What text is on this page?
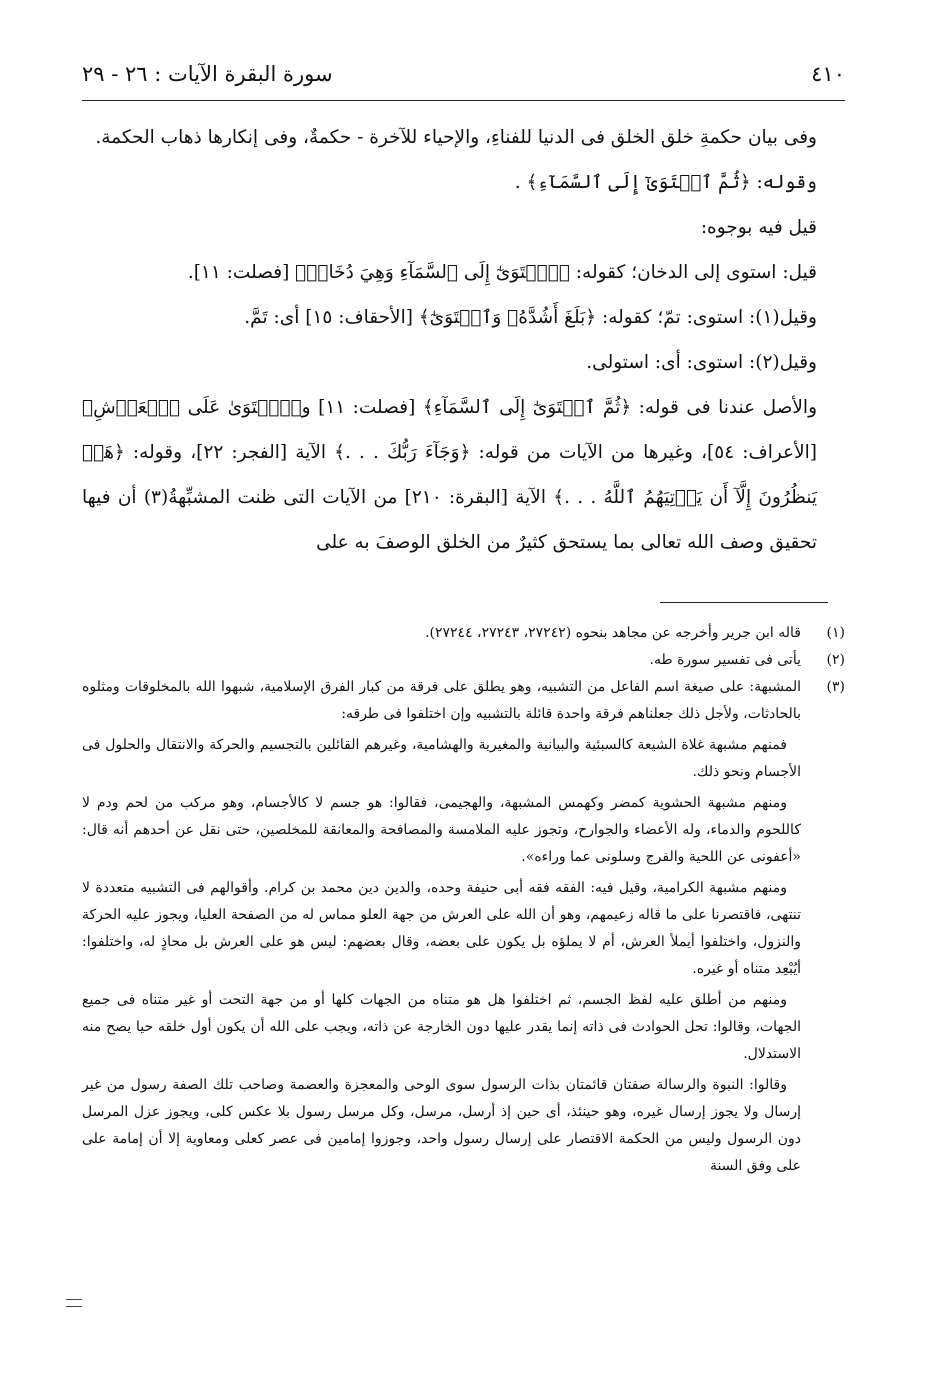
سورة البقرة الآيات : ٢٦ - ٢٩	٤١٠

وفى بيان حكمةِ خلق الخلق فى الدنيا للفناءِ، والإحياء للآخرة - حكمةٌ، وفى إنكارها ذهاب الحكمة.

وقوله: ﴿ثُمَّ ٱسۡتَوَىٰٓ إِلَى ٱلسَّمَآءِ﴾ .

قيل فيه بوجوه:

قيل: استوى إلى الدخان؛ كقوله: ﴿ٱسۡتَوَىٰٓ إِلَى ٱلسَّمَآءِ وَهِيَ دُخَانٞ﴾ [فصلت: ١١].

وقيل(١): استوى: تمّ؛ كقوله: ﴿بَلَغَ أَشُدَّهُۥ وَٱسۡتَوَىٰٓ﴾ [الأحقاف: ١٥] أى: تَمَّ.

وقيل(٢): استوى: أى: استولى.

والأصل عندنا فى قوله: ﴿ثُمَّ ٱسۡتَوَىٰٓ إِلَى ٱلسَّمَآءِ﴾ [فصلت: ١١] و﴿ٱسۡتَوَىٰ عَلَى ٱلۡعَرۡشِ﴾ [الأعراف: ٥٤]، وغيرها من الآيات من قوله: ﴿وَجَآءَ رَبُّكَ . . .﴾ الآية [الفجر: ٢٢]، وقوله: ﴿هَلۡ يَنظُرُونَ إِلَّآ أَن يَأۡتِيَهُمُ ٱللَّهُ . . .﴾ الآية [البقرة: ٢١٠] من الآيات التى ظنت المشبِّهةُ(٣) أن فيها تحقيق وصف الله تعالى بما يستحق كثيرٌ من الخلق الوصفَ به على

(١)
قاله ابن جرير وأخرجه عن مجاهد بنحوه (٢٧٢٤٢، ٢٧٢٤٣، ٢٧٢٤٤).
(٢)
يأتى فى تفسير سورة طه.
(٣)
المشبهة: على صيغة اسم الفاعل من التشبيه، وهو يطلق على فرقة من كبار الفرق الإسلامية، شبهوا الله بالمخلوقات ومثلوه بالحادثات، ولأجل ذلك جعلناهم فرقة واحدة قائلة بالتشبيه وإن اختلفوا فى طرقه:
فمنهم مشبهة غلاة الشيعة كالسبئية والبيانية والمغيرية والهشامية، وغيرهم القائلين بالتجسيم والحركة والانتقال والحلول فى الأجسام ونحو ذلك.
ومنهم مشبهة الحشوية كمضر وكهمس المشبهة، والهجيمى، فقالوا: هو جسم لا كالأجسام، وهو مركب من لحم ودم لا كاللحوم والدماء، وله الأعضاء والجوارح، وتجوز عليه الملامسة والمصافحة والمعانقة للمخلصين، حتى نقل عن أحدهم أنه قال: «أعفونى عن اللحية والفرج وسلونى عما وراءه».
ومنهم مشبهة الكرامية، وقيل فيه: الفقه فقه أبى حنيفة وحده، والدين دين محمد بن كرام. وأقوالهم فى التشبيه متعددة لا تنتهى، فاقتصرنا على ما قاله زعيمهم، وهو أن الله على العرش من جهة العلو مماس له من الصفحة العليا، ويجوز عليه الحركة والنزول، واختلفوا أيملأ العرش، أم لا يملؤه بل يكون على بعضه، وقال بعضهم: ليس هو على العرش بل محاذٍ له، واختلفوا: أيُبْعِد متناه أو غيره.
ومنهم من أطلق عليه لفظ الجسم، ثم اختلفوا هل هو متناه من الجهات كلها أو من جهة التحت أو غير متناه فى جميع الجهات، وقالوا: تحل الحوادث فى ذاته إنما يقدر عليها دون الخارجة عن ذاته، ويجب على الله أن يكون أول خلقه حيا يصح منه الاستدلال.
وقالوا: النبوة والرسالة صفتان قائمتان بذات الرسول سوى الوحى والمعجزة والعصمة وصاحب تلك الصفة رسول من غير إرسال ولا يجوز إرسال غيره، وهو حينئذ، أى حين إذ أرسل، مرسل، وكل مرسل رسول بلا عكس كلى، ويجوز عزل المرسل دون الرسول وليس من الحكمة الاقتصار على إرسال رسول واحد، وجوزوا إمامين فى عصر كعلى ومعاوية إلا أن إمامة على على وفق السنة
